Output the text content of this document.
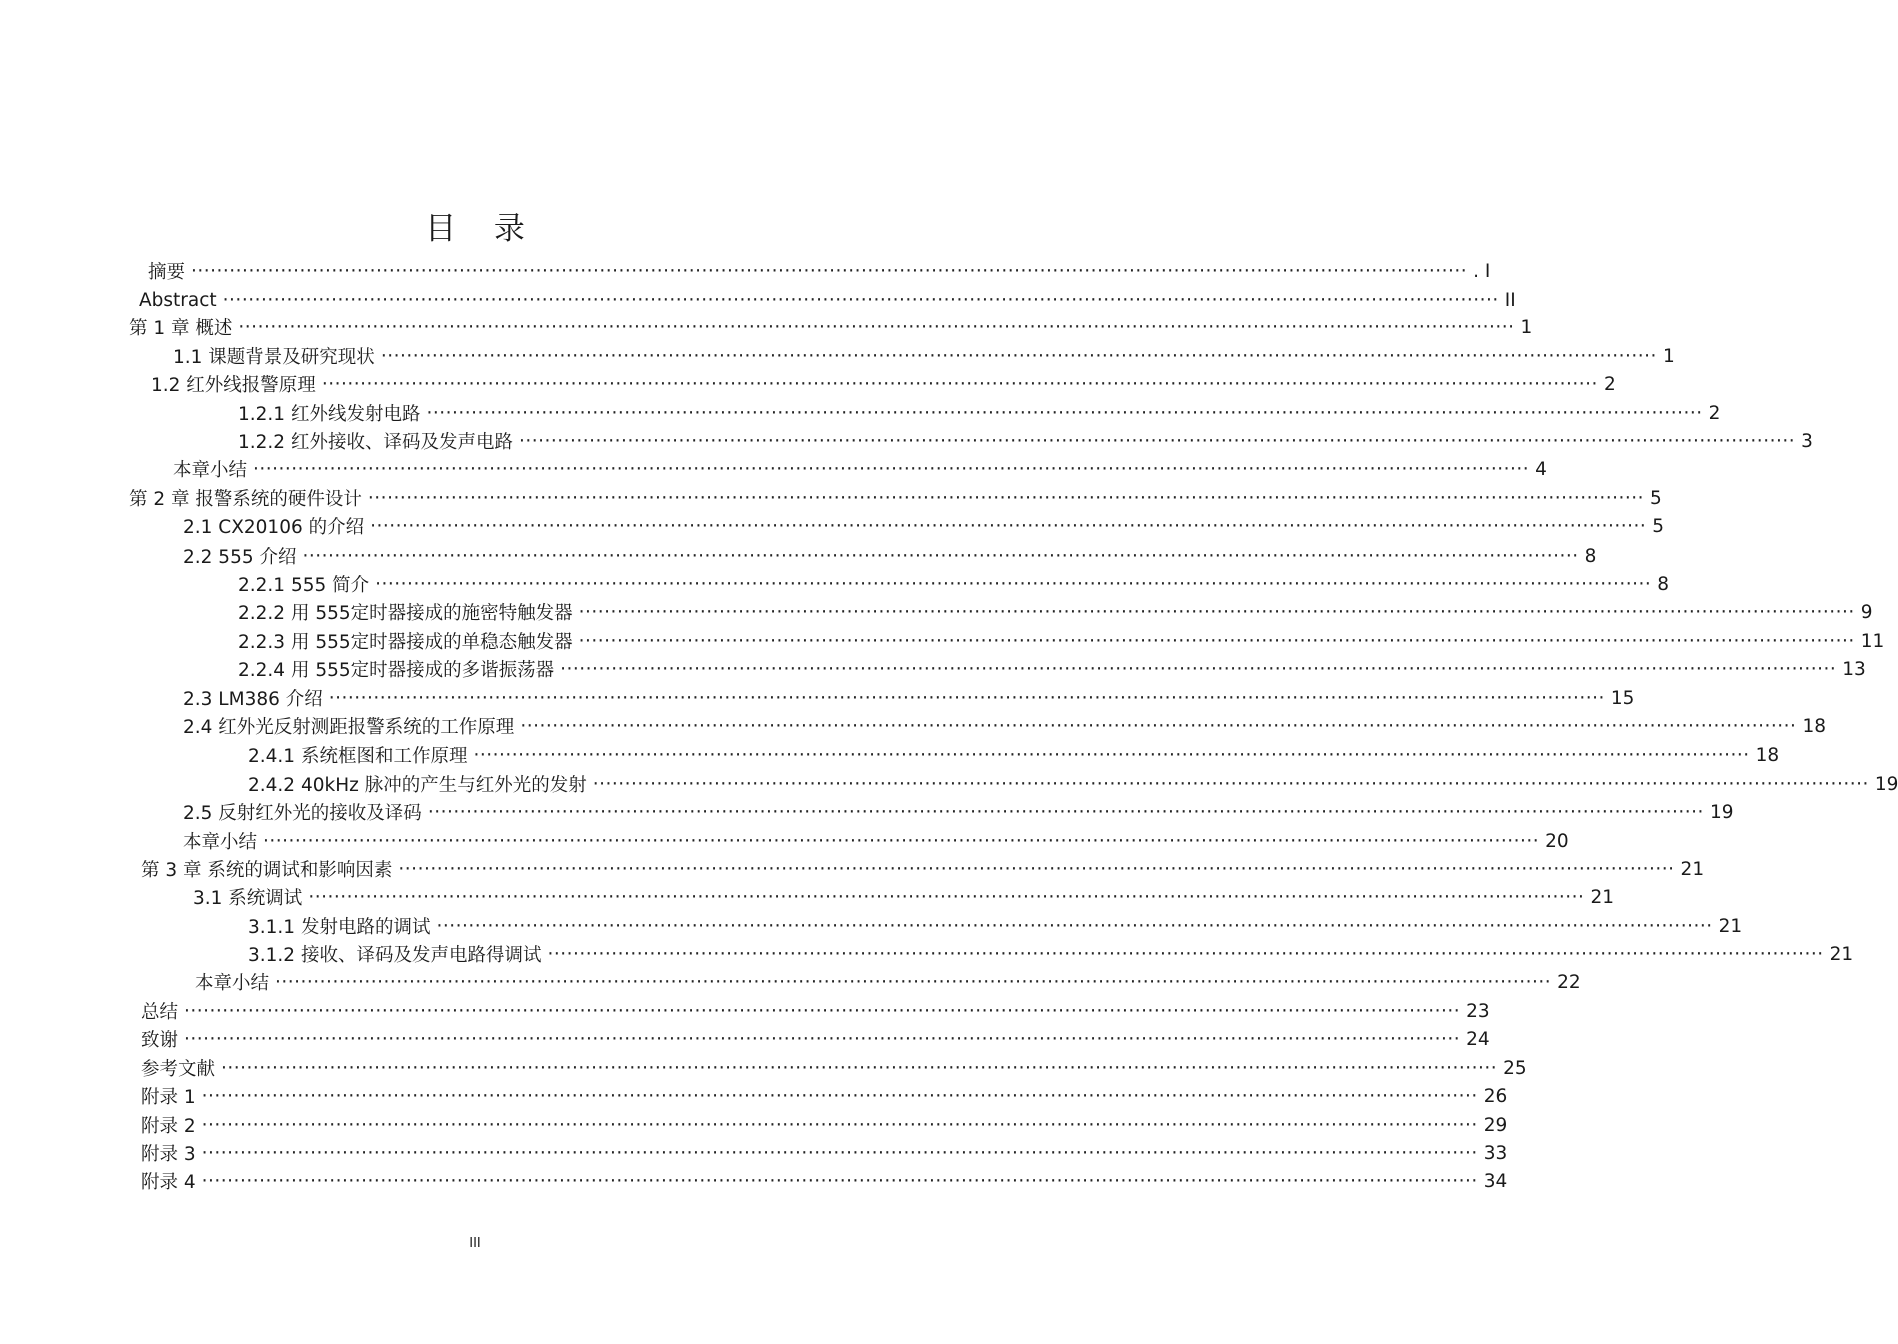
目 录
摘要 ········································································································································································································ . I
Abstract ········································································································································································································ II
第 1 章 概述 ········································································································································································································ 1
1.1 课题背景及研究现状 ········································································································································································································ 1
1.2 红外线报警原理 ········································································································································································································ 2
1.2.1 红外线发射电路 ········································································································································································································ 2
1.2.2 红外接收、译码及发声电路 ········································································································································································································ 3
本章小结 ········································································································································································································ 4
第 2 章 报警系统的硬件设计 ········································································································································································································ 5
2.1 CX20106 的介绍 ········································································································································································································ 5
2.2 555 介绍 ········································································································································································································ 8
2.2.1 555 简介 ········································································································································································································ 8
2.2.2 用 555定时器接成的施密特触发器 ········································································································································································································ 9
2.2.3 用 555定时器接成的单稳态触发器 ········································································································································································································ 11
2.2.4 用 555定时器接成的多谐振荡器 ········································································································································································································ 13
2.3 LM386 介绍 ········································································································································································································ 15
2.4 红外光反射测距报警系统的工作原理 ········································································································································································································ 18
2.4.1 系统框图和工作原理 ········································································································································································································ 18
2.4.2 40kHz 脉冲的产生与红外光的发射 ········································································································································································································ 19
2.5 反射红外光的接收及译码 ········································································································································································································ 19
本章小结 ········································································································································································································ 20
第 3 章 系统的调试和影响因素 ········································································································································································································ 21
3.1 系统调试 ········································································································································································································ 21
3.1.1 发射电路的调试 ········································································································································································································ 21
3.1.2 接收、译码及发声电路得调试 ········································································································································································································ 21
本章小结 ········································································································································································································ 22
总结 ········································································································································································································ 23
致谢 ········································································································································································································ 24
参考文献 ········································································································································································································ 25
附录 1 ········································································································································································································ 26
附录 2 ········································································································································································································ 29
附录 3 ········································································································································································································ 33
附录 4 ········································································································································································································ 34
III
